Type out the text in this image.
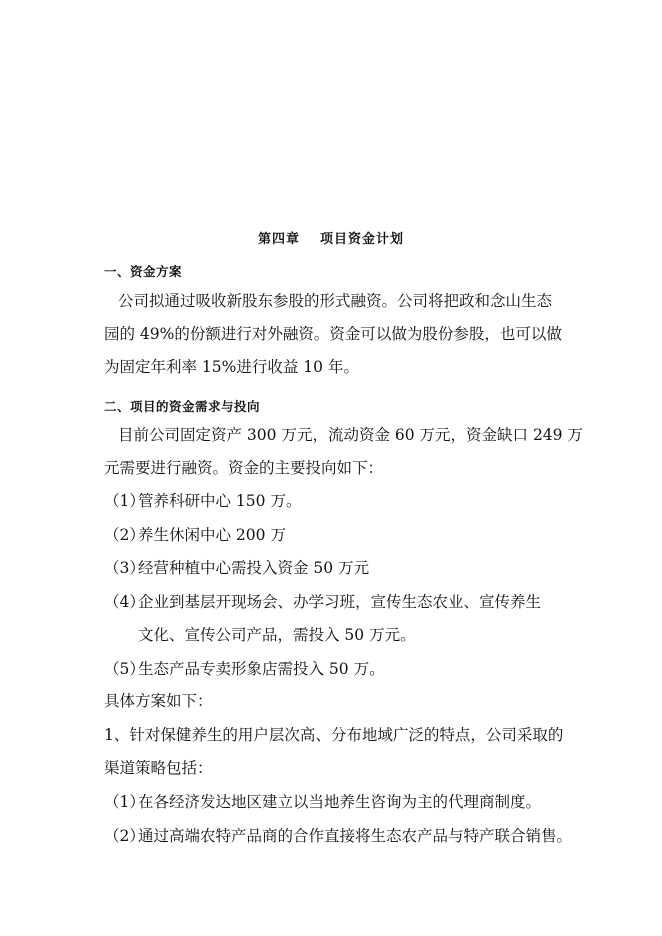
第四章 项目资金计划
一、资金方案
公司拟通过吸收新股东参股的形式融资。公司将把政和念山生态
园的 49%的份额进行对外融资。资金可以做为股份参股，也可以做
为固定年利率 15%进行收益 10 年。
二、项目的资金需求与投向
目前公司固定资产 300 万元，流动资金 60 万元，资金缺口 249 万
元需要进行融资。资金的主要投向如下：
（1）管养科研中心 150 万。
（2）养生休闲中心 200 万
（3）经营种植中心需投入资金 50 万元
（4）企业到基层开现场会、办学习班，宣传生态农业、宣传养生
文化、宣传公司产品，需投入 50 万元。
（5）生态产品专卖形象店需投入 50 万。
具体方案如下：
1、针对保健养生的用户层次高、分布地域广泛的特点，公司采取的
渠道策略包括：
（1）在各经济发达地区建立以当地养生咨询为主的代理商制度。
（2）通过高端农特产品商的合作直接将生态农产品与特产联合销售。
